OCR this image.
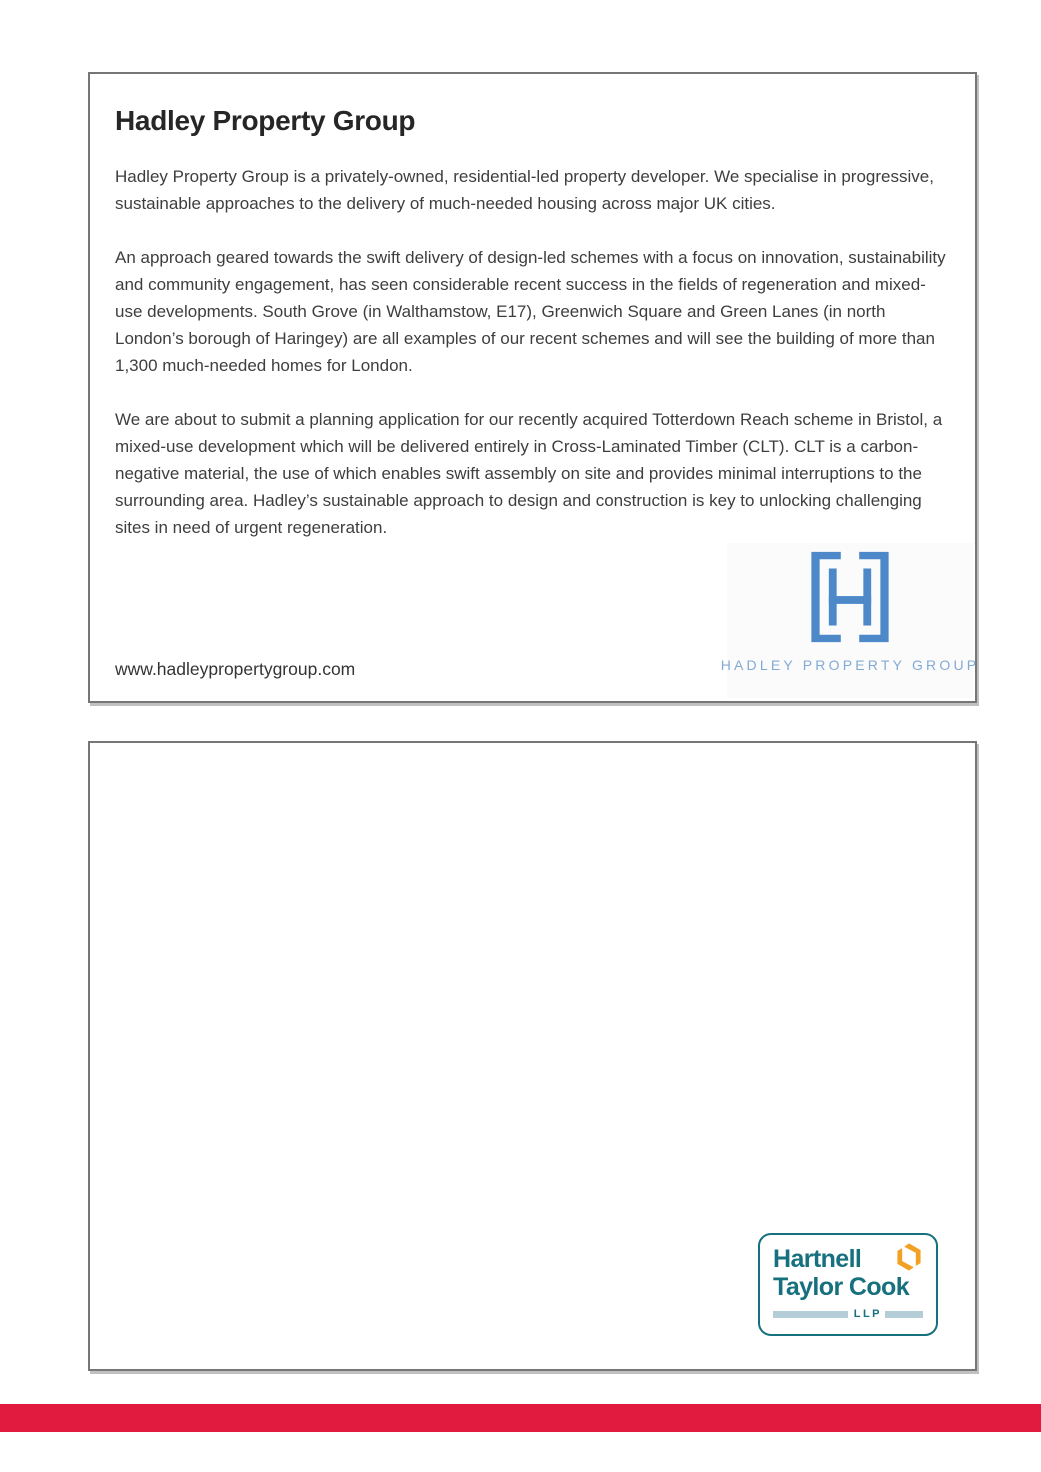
Hadley Property Group

Hadley Property Group is a privately-owned, residential-led property developer. We specialise in progressive, sustainable approaches to the delivery of much-needed housing across major UK cities.

An approach geared towards the swift delivery of design-led schemes with a focus on innovation, sustainability and community engagement, has seen considerable recent success in the fields of regeneration and mixed-use developments. South Grove (in Walthamstow, E17), Greenwich Square and Green Lanes (in north London’s borough of Haringey) are all examples of our recent schemes and will see the building of more than 1,300 much-needed homes for London.

We are about to submit a planning application for our recently acquired Totterdown Reach scheme in Bristol, a mixed-use development which will be delivered entirely in Cross-Laminated Timber (CLT). CLT is a carbon-negative material, the use of which enables swift assembly on site and provides minimal interruptions to the surrounding area. Hadley’s sustainable approach to design and construction is key to unlocking challenging sites in need of urgent regeneration.

HADLEY PROPERTY GROUP
www.hadleypropertygroup.com
Hartnell
Taylor Cook
LLP
